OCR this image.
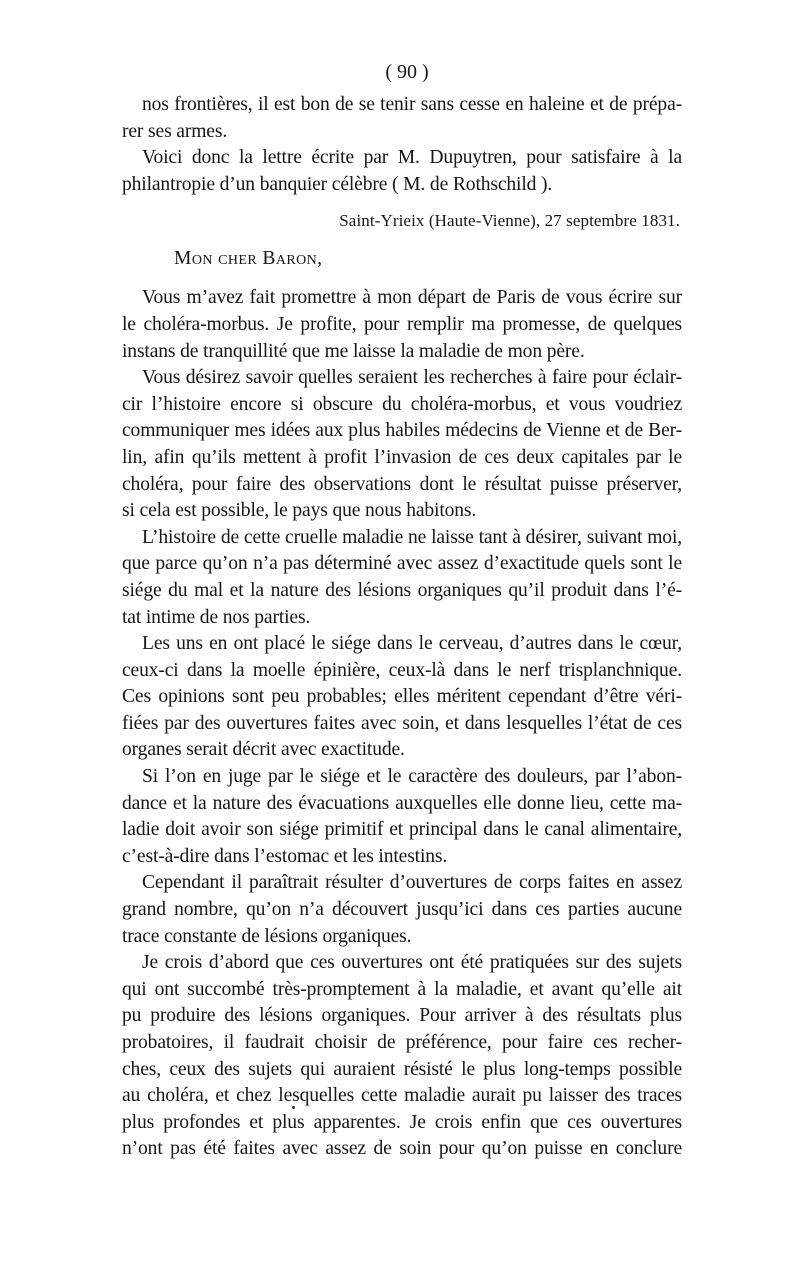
( 90 )

nos frontières, il est bon de se tenir sans cesse en haleine et de prépa-
rer ses armes.

Voici donc la lettre écrite par M. Dupuytren, pour satisfaire à la
philantropie d’un banquier célèbre ( M. de Rothschild ).

Saint-Yrieix (Haute-Vienne), 27 septembre 1831.
Mon cher Baron,

Vous m’avez fait promettre à mon départ de Paris de vous écrire sur
le choléra-morbus. Je profite, pour remplir ma promesse, de quelques
instans de tranquillité que me laisse la maladie de mon père.

Vous désirez savoir quelles seraient les recherches à faire pour éclair-
cir l’histoire encore si obscure du choléra-morbus, et vous voudriez
communiquer mes idées aux plus habiles médecins de Vienne et de Ber-
lin, afin qu’ils mettent à profit l’invasion de ces deux capitales par le
choléra, pour faire des observations dont le résultat puisse préserver,
si cela est possible, le pays que nous habitons.

L’histoire de cette cruelle maladie ne laisse tant à désirer, suivant moi,
que parce qu’on n’a pas déterminé avec assez d’exactitude quels sont le
siége du mal et la nature des lésions organiques qu’il produit dans l’é-
tat intime de nos parties.

Les uns en ont placé le siége dans le cerveau, d’autres dans le cœur,
ceux-ci dans la moelle épinière, ceux-là dans le nerf trisplanchnique.
Ces opinions sont peu probables; elles méritent cependant d’être véri-
fiées par des ouvertures faites avec soin, et dans lesquelles l’état de ces
organes serait décrit avec exactitude.

Si l’on en juge par le siége et le caractère des douleurs, par l’abon-
dance et la nature des évacuations auxquelles elle donne lieu, cette ma-
ladie doit avoir son siége primitif et principal dans le canal alimentaire,
c’est-à-dire dans l’estomac et les intestins.

Cependant il paraîtrait résulter d’ouvertures de corps faites en assez
grand nombre, qu’on n’a découvert jusqu’ici dans ces parties aucune
trace constante de lésions organiques.

Je crois d’abord que ces ouvertures ont été pratiquées sur des sujets
qui ont succombé très-promptement à la maladie, et avant qu’elle ait
pu produire des lésions organiques. Pour arriver à des résultats plus
probatoires, il faudrait choisir de préférence, pour faire ces recher-
ches, ceux des sujets qui auraient résisté le plus long-temps possible
au choléra, et chez lesquelles cette maladie aurait pu laisser des traces
plus profondes et plus apparentes. Je crois enfin que ces ouvertures
n’ont pas été faites avec assez de soin pour qu’on puisse en conclure
